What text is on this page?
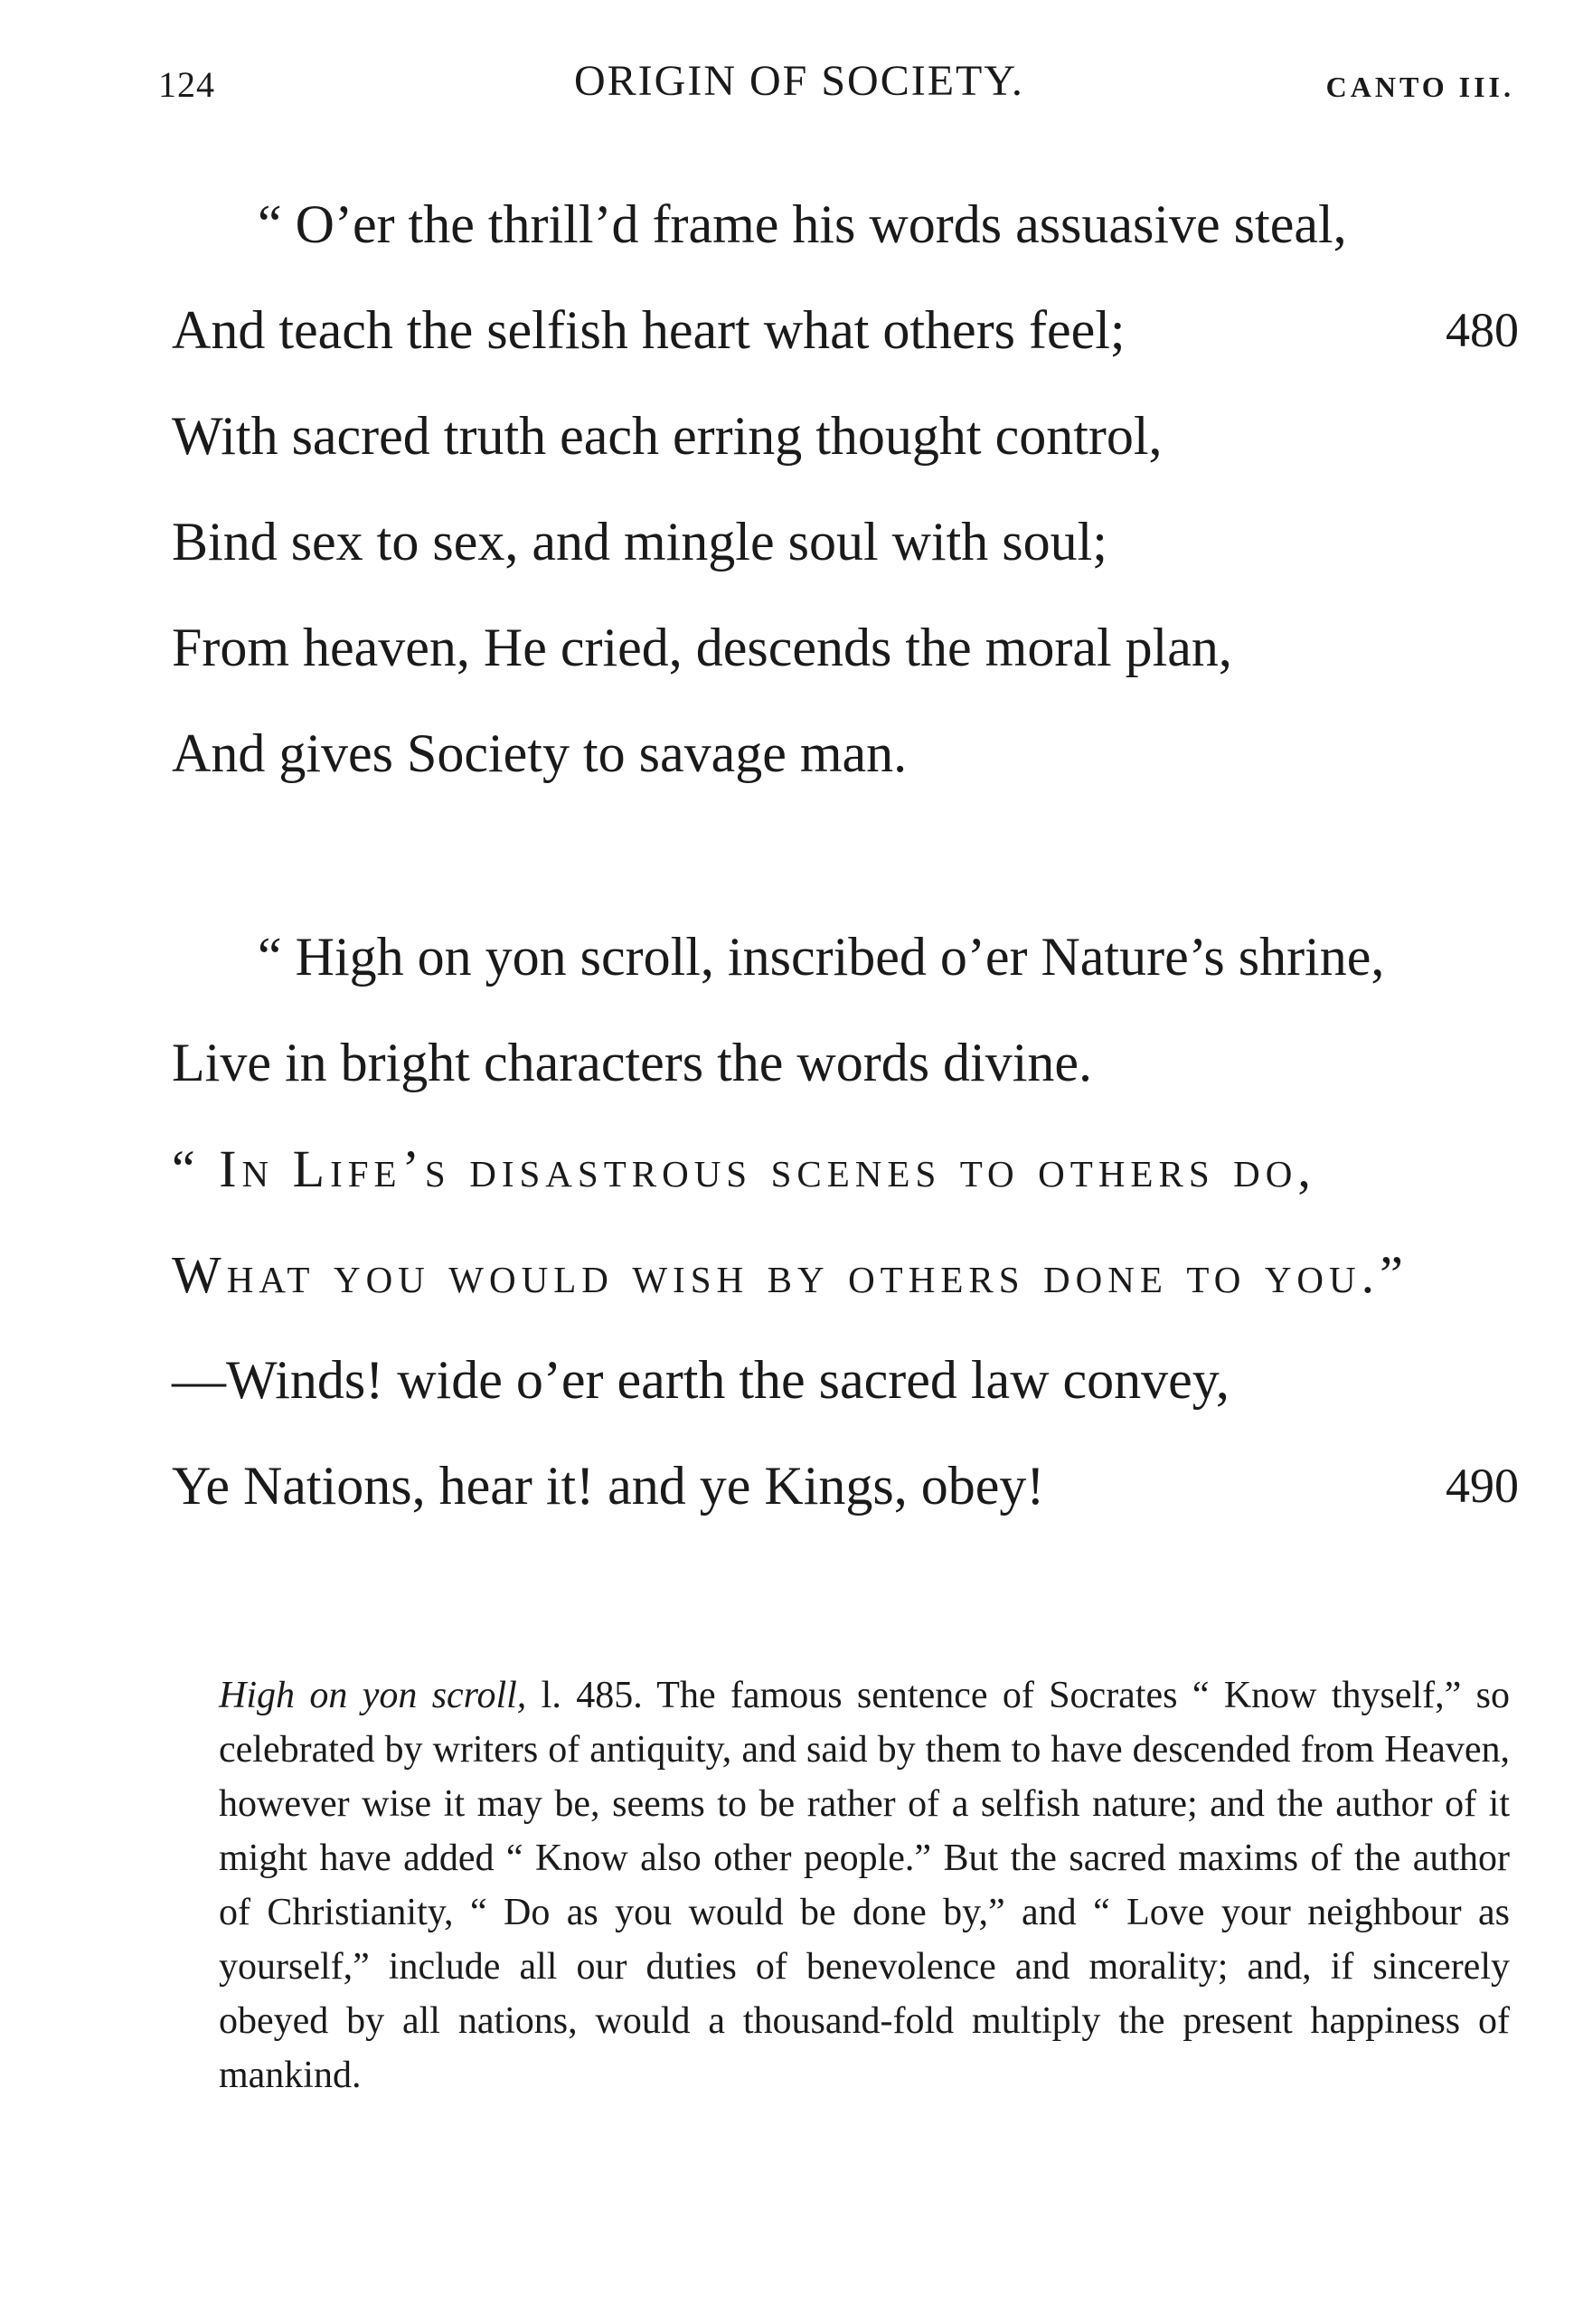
124	ORIGIN OF SOCIETY.	CANTO III.
“ O’er the thrill’d frame his words assuasive steal,
And teach the selfish heart what others feel;	480
With sacred truth each erring thought control,
Bind sex to sex, and mingle soul with soul;
From heaven, He cried, descends the moral plan,
And gives Society to savage man.
“ High on yon scroll, inscribed o’er Nature’s shrine,
Live in bright characters the words divine.
“ In Life’s disastrous scenes to others do,
What you would wish by others done to you.”
—Winds! wide o’er earth the sacred law convey,
Ye Nations, hear it! and ye Kings, obey!	490

High on yon scroll, l. 485. The famous sentence of Socrates “ Know thyself,” so celebrated by writers of antiquity, and said by them to have descended from Heaven, however wise it may be, seems to be rather of a selfish nature; and the author of it might have added “ Know also other people.” But the sacred maxims of the author of Christianity, “ Do as you would be done by,” and “ Love your neighbour as yourself,” include all our duties of benevolence and morality; and, if sincerely obeyed by all nations, would a thousand-fold multiply the present happiness of mankind.
